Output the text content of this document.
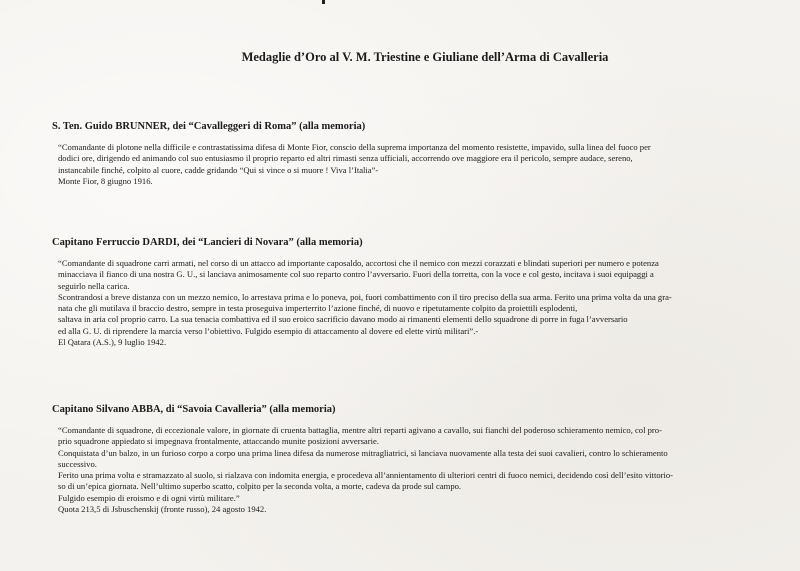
Medaglie d’Oro al V. M. Triestine e Giuliane dell’Arma di Cavalleria
S. Ten. Guido BRUNNER, dei “Cavalleggeri di Roma” (alla memoria)

“Comandante di plotone nella difficile e contrastatissima difesa di Monte Fior, conscio della suprema importanza del momento resistette, impavido, sulla linea del fuoco per

dodici ore, dirigendo ed animando col suo entusiasmo il proprio reparto ed altri rimasti senza ufficiali, accorrendo ove maggiore era il pericolo, sempre audace, sereno,

instancabile finché, colpito al cuore, cadde gridando “Qui si vince o si muore ! Viva l’Italia”-

Monte Fior, 8 giugno 1916.
Capitano Ferruccio DARDI, dei “Lancieri di Novara” (alla memoria)

“Comandante di squadrone carri armati, nel corso di un attacco ad importante caposaldo, accortosi che il nemico con mezzi corazzati e blindati superiori per numero e potenza

minacciava il fianco di una nostra G. U., si lanciava animosamente col suo reparto contro l’avversario. Fuori della torretta, con la voce e col gesto, incitava i suoi equipaggi a

seguirlo nella carica.

Scontrandosi a breve distanza con un mezzo nemico, lo arrestava prima e lo poneva, poi, fuori combattimento con il tiro preciso della sua arma. Ferito una prima volta da una gra-

nata che gli mutilava il braccio destro, sempre in testa proseguiva imperterrito l’azione finché, di nuovo e ripetutamente colpito da proiettili esplodenti,

saltava in aria col proprio carro. La sua tenacia combattiva ed il suo eroico sacrificio davano modo ai rimanenti elementi dello squadrone di porre in fuga l’avversario

ed alla G. U. di riprendere la marcia verso l’obiettivo. Fulgido esempio di attaccamento al dovere ed elette virtù militari”.-

El Qatara (A.S.), 9 luglio 1942.
Capitano Silvano ABBA, di “Savoia Cavalleria” (alla memoria)

“Comandante di squadrone, di eccezionale valore, in giornate di cruenta battaglia, mentre altri reparti agivano a cavallo, sui fianchi del poderoso schieramento nemico, col pro-

prio squadrone appiedato si impegnava frontalmente, attaccando munite posizioni avversarie.

Conquistata d’un balzo, in un furioso corpo a corpo una prima linea difesa da numerose mitragliatrici, si lanciava nuovamente alla testa dei suoi cavalieri, contro lo schieramento

successivo.

Ferito una prima volta e stramazzato al suolo, si rialzava con indomita energia, e procedeva all’annientamento di ulteriori centri di fuoco nemici, decidendo così dell’esito vittorio-

so di un’epica giornata. Nell’ultimo superbo scatto, colpito per la seconda volta, a morte, cadeva da prode sul campo.

Fulgido esempio di eroismo e di ogni virtù militare.”

Quota 213,5 di Jsbuschenskij (fronte russo), 24 agosto 1942.
